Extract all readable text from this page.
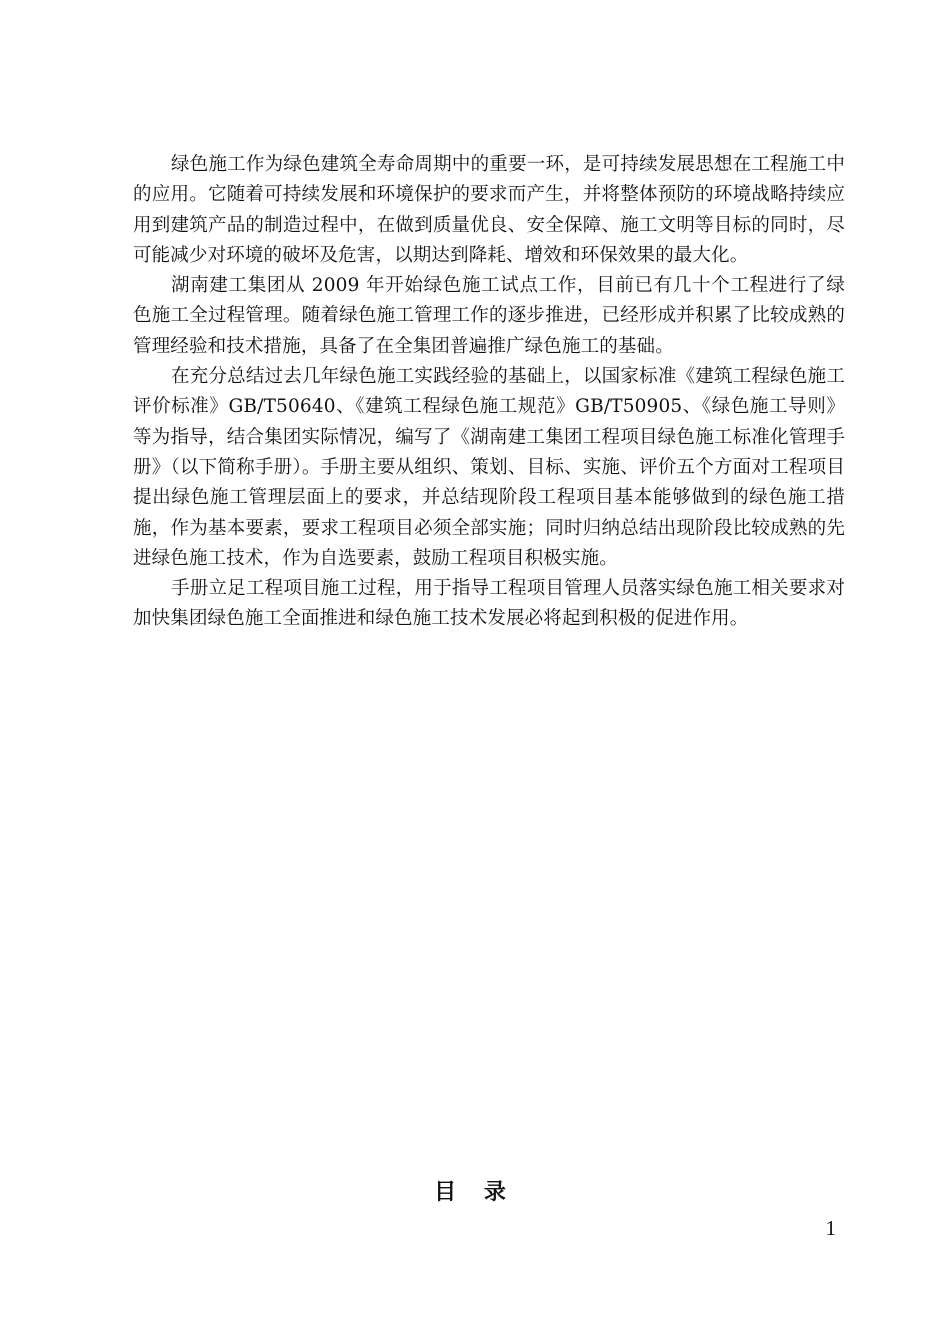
绿色施工作为绿色建筑全寿命周期中的重要一环，是可持续发展思想在工程施工中的应用。它随着可持续发展和环境保护的要求而产生，并将整体预防的环境战略持续应用到建筑产品的制造过程中，在做到质量优良、安全保障、施工文明等目标的同时，尽可能减少对环境的破坏及危害，以期达到降耗、增效和环保效果的最大化。

湖南建工集团从 2009 年开始绿色施工试点工作，目前已有几十个工程进行了绿色施工全过程管理。随着绿色施工管理工作的逐步推进，已经形成并积累了比较成熟的管理经验和技术措施，具备了在全集团普遍推广绿色施工的基础。

在充分总结过去几年绿色施工实践经验的基础上，以国家标准《建筑工程绿色施工评价标准》GB/T50640、《建筑工程绿色施工规范》GB/T50905、《绿色施工导则》等为指导，结合集团实际情况，编写了《湖南建工集团工程项目绿色施工标准化管理手册》（以下简称手册）。手册主要从组织、策划、目标、实施、评价五个方面对工程项目提出绿色施工管理层面上的要求，并总结现阶段工程项目基本能够做到的绿色施工措施，作为基本要素，要求工程项目必须全部实施；同时归纳总结出现阶段比较成熟的先进绿色施工技术，作为自选要素，鼓励工程项目积极实施。

手册立足工程项目施工过程，用于指导工程项目管理人员落实绿色施工相关要求对加快集团绿色施工全面推进和绿色施工技术发展必将起到积极的促进作用。

目 录
1
